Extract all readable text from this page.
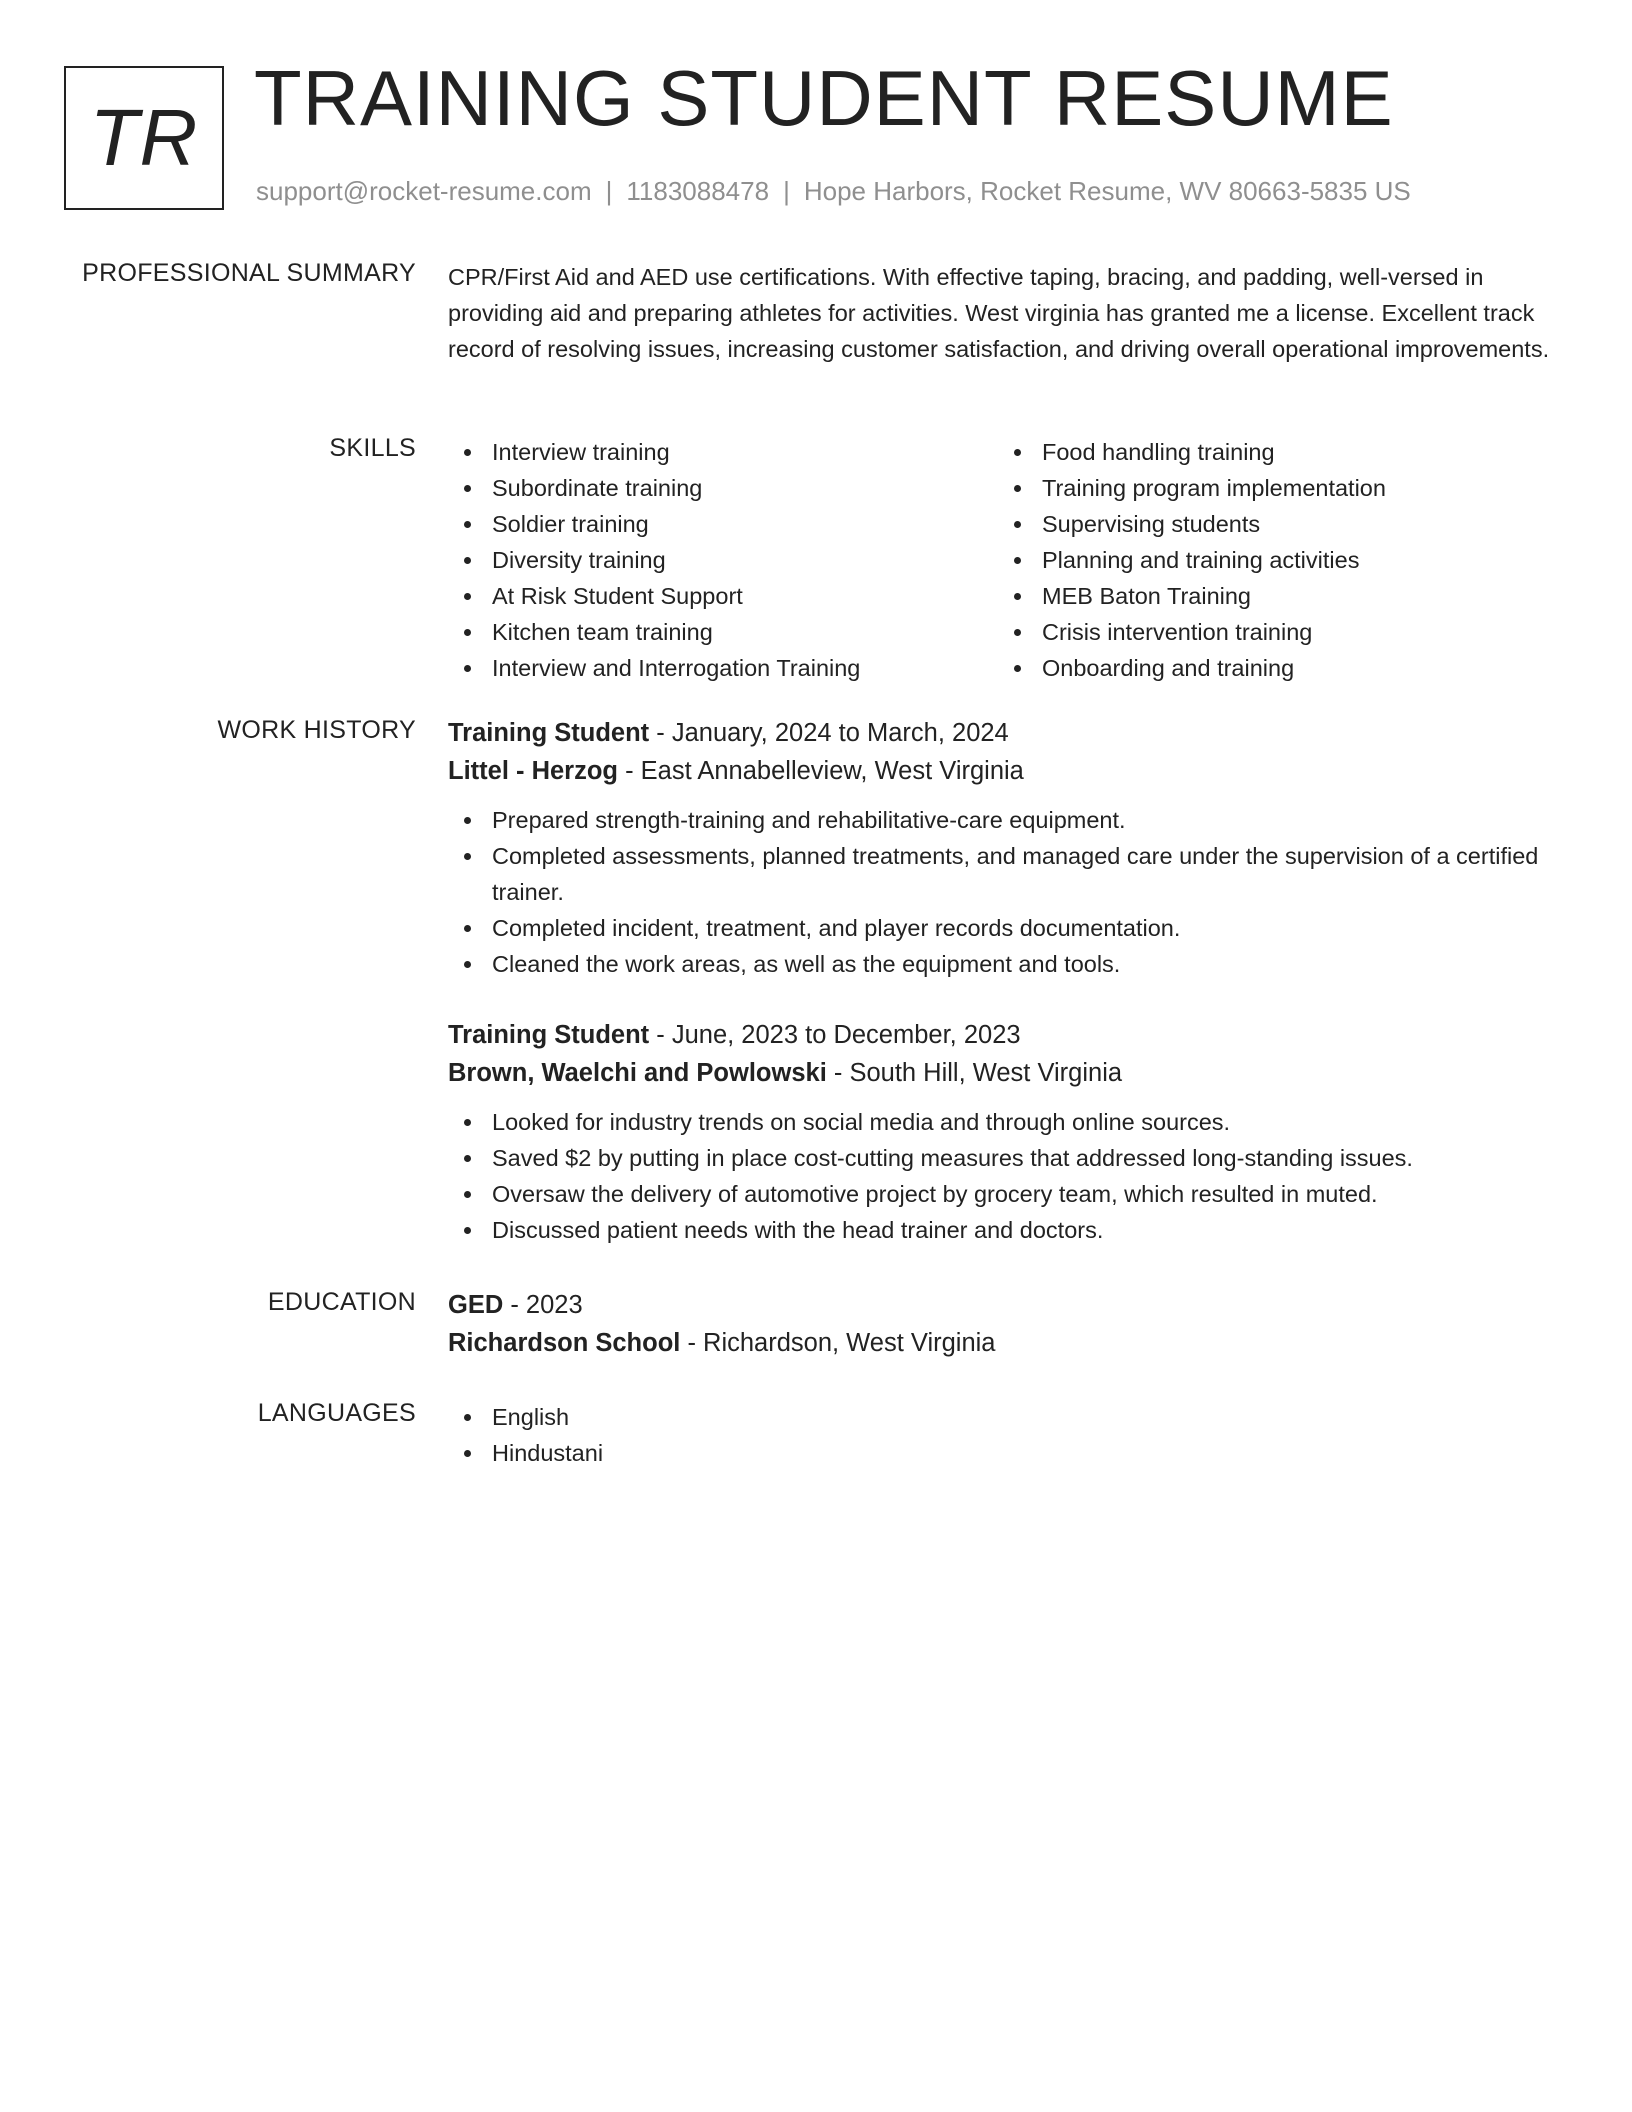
TR TRAINING STUDENT RESUME
support@rocket-resume.com | 1183088478 | Hope Harbors, Rocket Resume, WV 80663-5835 US
PROFESSIONAL SUMMARY CPR/First Aid and AED use certifications. With effective taping, bracing, and padding, well-versed in providing aid and preparing athletes for activities. West virginia has granted me a license. Excellent track record of resolving issues, increasing customer satisfaction, and driving overall operational improvements.
SKILLS	Interview training
Subordinate training
Soldier training
Diversity training
At Risk Student Support
Kitchen team training
Interview and Interrogation Training
Food handling training
Training program implementation
Supervising students
Planning and training activities
MEB Baton Training
Crisis intervention training
Onboarding and training
WORK HISTORY Training Student - January, 2024 to March, 2024
Littel - Herzog - East Annabelleview, West Virginia
Prepared strength-training and rehabilitative-care equipment.
Completed assessments, planned treatments, and managed care under the supervision of a certified trainer.
Completed incident, treatment, and player records documentation.
Cleaned the work areas, as well as the equipment and tools.
Training Student - June, 2023 to December, 2023
Brown, Waelchi and Powlowski - South Hill, West Virginia
Looked for industry trends on social media and through online sources.
Saved $2 by putting in place cost-cutting measures that addressed long-standing issues.
Oversaw the delivery of automotive project by grocery team, which resulted in muted.
Discussed patient needs with the head trainer and doctors.
EDUCATION GED - 2023
Richardson School - Richardson, West Virginia
LANGUAGES	English
Hindustani
